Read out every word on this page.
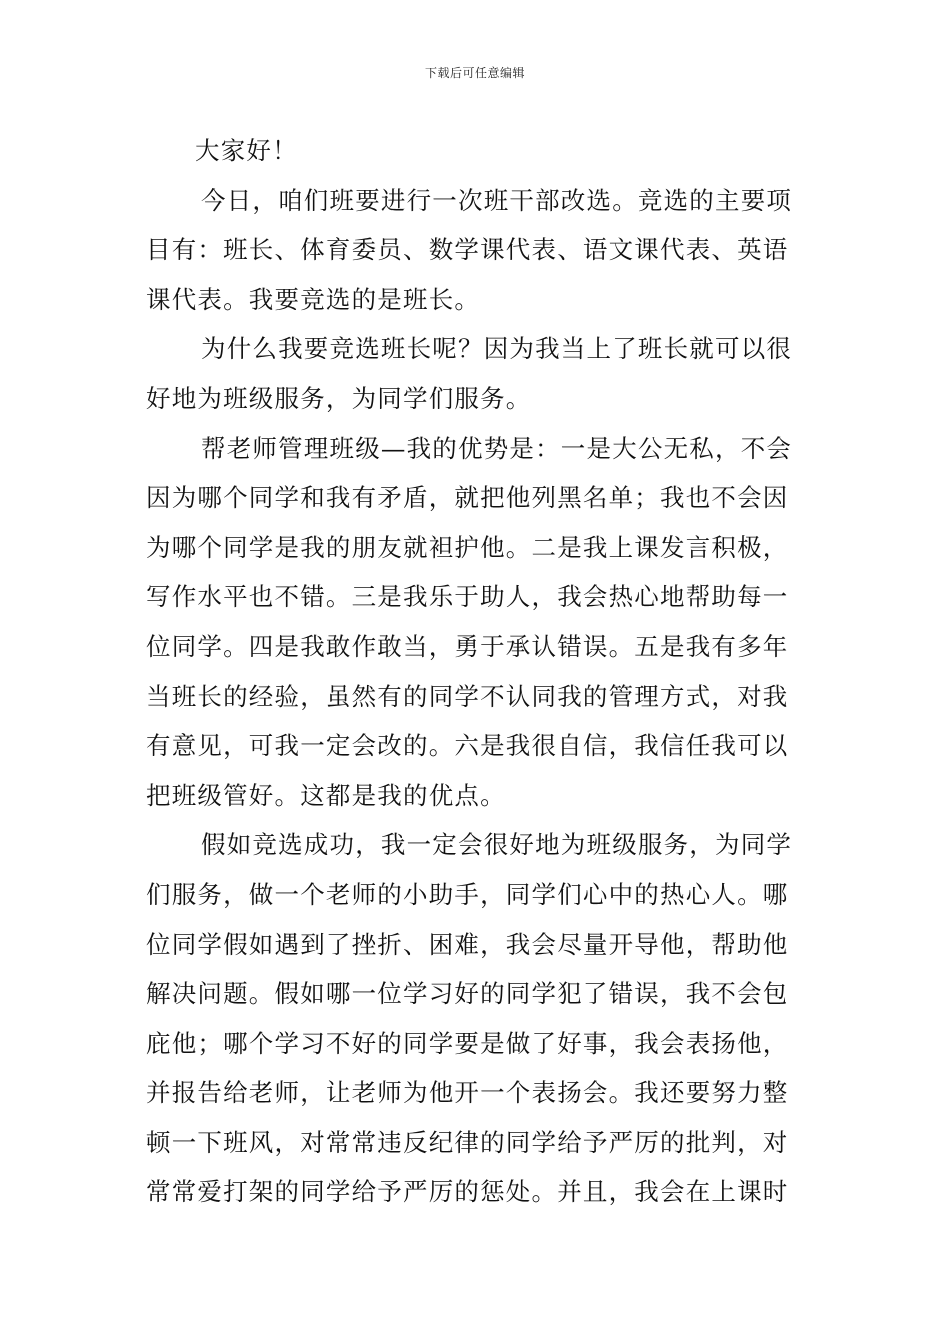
下载后可任意编辑
大家好！
今日，咱们班要进行一次班干部改选。竞选的主要项
目有：班长、体育委员、数学课代表、语文课代表、英语
课代表。我要竞选的是班长。
为什么我要竞选班长呢？因为我当上了班长就可以很
好地为班级服务，为同学们服务。
帮老师管理班级—我的优势是：一是大公无私，不会
因为哪个同学和我有矛盾，就把他列黑名单；我也不会因
为哪个同学是我的朋友就袒护他。二是我上课发言积极，
写作水平也不错。三是我乐于助人，我会热心地帮助每一
位同学。四是我敢作敢当，勇于承认错误。五是我有多年
当班长的经验，虽然有的同学不认同我的管理方式，对我
有意见，可我一定会改的。六是我很自信，我信任我可以
把班级管好。这都是我的优点。
假如竞选成功，我一定会很好地为班级服务，为同学
们服务，做一个老师的小助手，同学们心中的热心人。哪
位同学假如遇到了挫折、困难，我会尽量开导他，帮助他
解决问题。假如哪一位学习好的同学犯了错误，我不会包
庇他；哪个学习不好的同学要是做了好事，我会表扬他，
并报告给老师，让老师为他开一个表扬会。我还要努力整
顿一下班风，对常常违反纪律的同学给予严厉的批判，对
常常爱打架的同学给予严厉的惩处。并且，我会在上课时
